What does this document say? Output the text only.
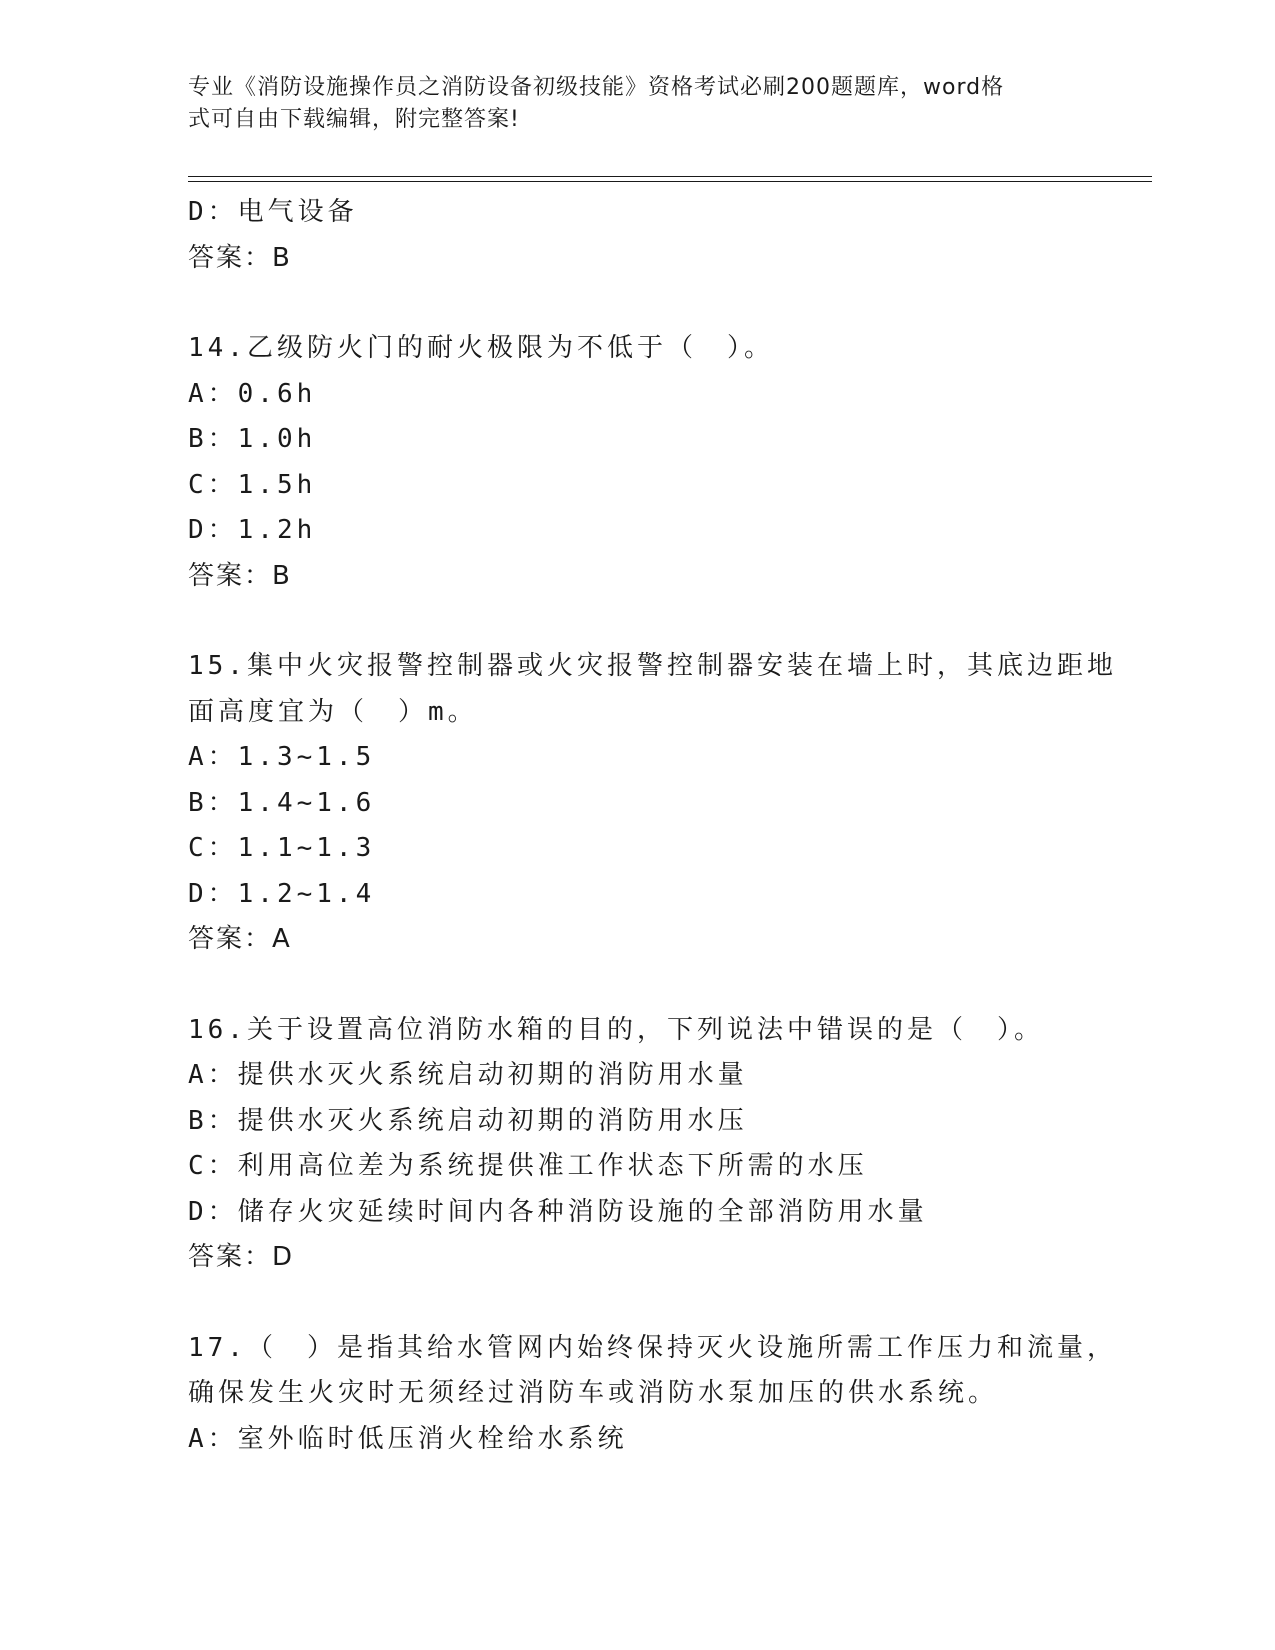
专业《消防设施操作员之消防设备初级技能》资格考试必刷200题题库，word格
式可自由下载编辑，附完整答案!
D：电气设备
答案：B
14.乙级防火门的耐火极限为不低于（　）。
A：0.6h
B：1.0h
C：1.5h
D：1.2h
答案：B
15.集中火灾报警控制器或火灾报警控制器安装在墙上时，其底边距地
面高度宜为（　）m。
A：1.3~1.5
B：1.4~1.6
C：1.1~1.3
D：1.2~1.4
答案：A
16.关于设置高位消防水箱的目的，下列说法中错误的是（　）。
A：提供水灭火系统启动初期的消防用水量
B：提供水灭火系统启动初期的消防用水压
C：利用高位差为系统提供准工作状态下所需的水压
D：储存火灾延续时间内各种消防设施的全部消防用水量
答案：D
17.（　）是指其给水管网内始终保持灭火设施所需工作压力和流量，
确保发生火灾时无须经过消防车或消防水泵加压的供水系统。
A：室外临时低压消火栓给水系统
